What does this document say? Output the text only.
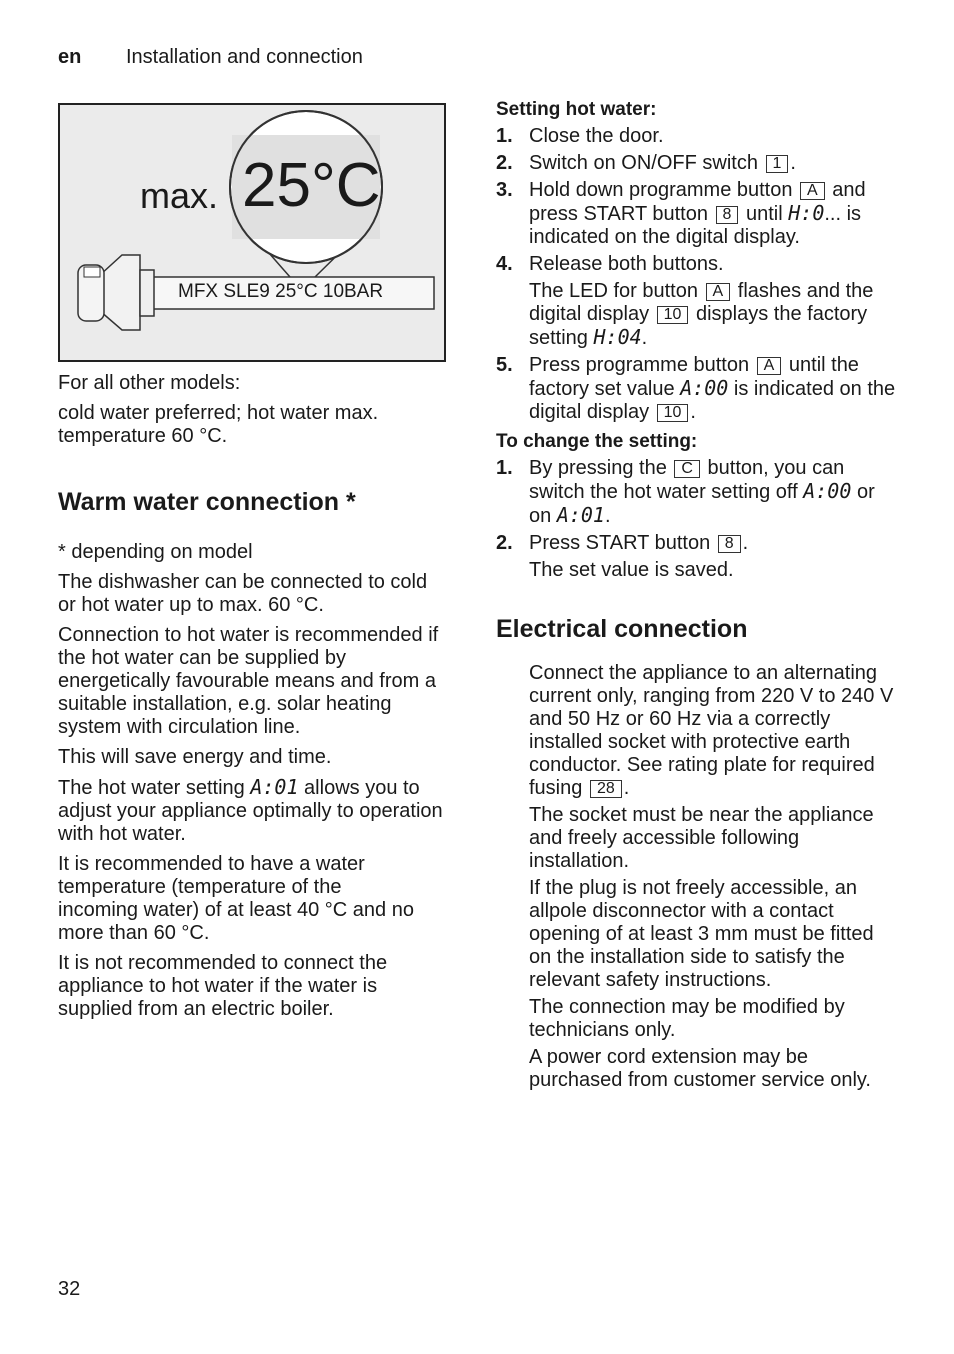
en Installation and connection
max. 25°C
MFX SLE9 25°C 10BAR

For all other models:

cold water preferred; hot water max. temperature 60 °C.

Warm water connection *

* depending on model

The dishwasher can be connected to cold or hot water up to max. 60 °C.

Connection to hot water is recommended if the hot water can be supplied by energetically favourable means and from a suitable installation, e.g. solar heating system with circulation line.

This will save energy and time.

The hot water setting A:01 allows you to adjust your appliance optimally to operation with hot water.

It is recommended to have a water temperature (temperature of the incoming water) of at least 40 °C and no more than 60 °C.

It is not recommended to connect the appliance to hot water if the water is supplied from an electric boiler.

Setting hot water:

1. Close the door.
2. Switch on ON/OFF switch 1 .
3. Hold down programme button A and press START button 8 until H:0... is indicated on the digital display.
4. Release both buttons.

The LED for button A flashes and the digital display 10 displays the factory setting H:04.

5. Press programme button A until the factory set value A:00 is indicated on the digital display 10 .

To change the setting:

1. By pressing the C button, you can switch the hot water setting off A:00 or on A:01.
2. Press START button 8 .

The set value is saved.

Electrical connection

Connect the appliance to an alternating current only, ranging from 220 V to 240 V and 50 Hz or 60 Hz via a correctly installed socket with protective earth conductor. See rating plate for required fusing 28 .

The socket must be near the appliance and freely accessible following installation.

If the plug is not freely accessible, an allpole disconnector with a contact opening of at least 3 mm must be fitted on the installation side to satisfy the relevant safety instructions.

The connection may be modified by technicians only.

A power cord extension may be purchased from customer service only.

32
